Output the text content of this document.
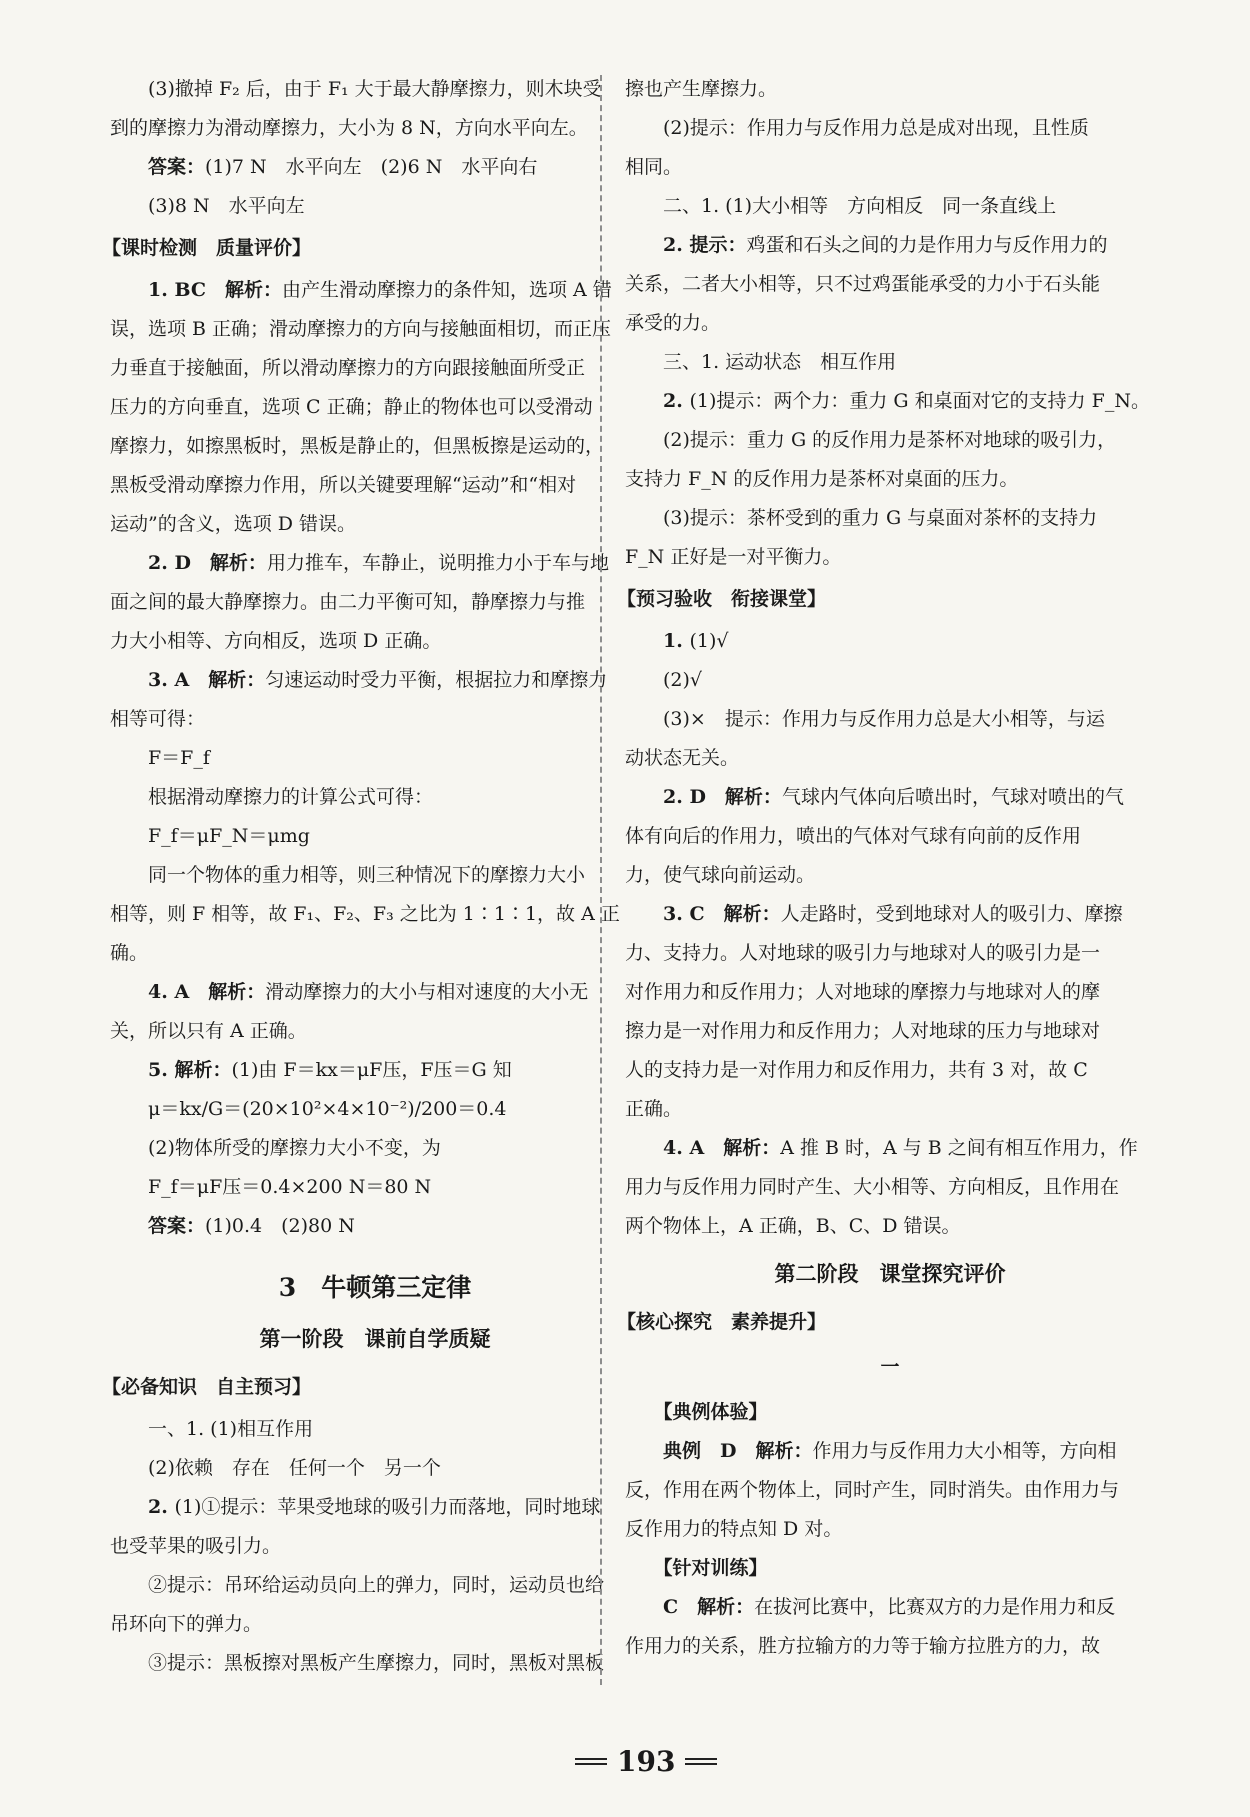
(3)撤掉 F₂ 后，由于 F₁ 大于最大静摩擦力，则木块受

到的摩擦力为滑动摩擦力，大小为 8 N，方向水平向左。

答案：(1)7 N　水平向左　(2)6 N　水平向右

(3)8 N　水平向左

【课时检测　质量评价】

1. BC　解析：由产生滑动摩擦力的条件知，选项 A 错

误，选项 B 正确；滑动摩擦力的方向与接触面相切，而正压

力垂直于接触面，所以滑动摩擦力的方向跟接触面所受正

压力的方向垂直，选项 C 正确；静止的物体也可以受滑动

摩擦力，如擦黑板时，黑板是静止的，但黑板擦是运动的，

黑板受滑动摩擦力作用，所以关键要理解“运动”和“相对

运动”的含义，选项 D 错误。

2. D　解析：用力推车，车静止，说明推力小于车与地

面之间的最大静摩擦力。由二力平衡可知，静摩擦力与推

力大小相等、方向相反，选项 D 正确。

3. A　解析：匀速运动时受力平衡，根据拉力和摩擦力

相等可得：

F＝F_f

根据滑动摩擦力的计算公式可得：

F_f＝μF_N＝μmg

同一个物体的重力相等，则三种情况下的摩擦力大小

相等，则 F 相等，故 F₁、F₂、F₃ 之比为 1∶1∶1，故 A 正确。

4. A　解析：滑动摩擦力的大小与相对速度的大小无

关，所以只有 A 正确。

5. 解析：(1)由 F＝kx＝μF压，F压＝G 知

μ＝kx/G＝(20×10²×4×10⁻²)/200＝0.4

(2)物体所受的摩擦力大小不变，为

F_f＝μF压＝0.4×200 N＝80 N

答案：(1)0.4　(2)80 N

3　牛顿第三定律

第一阶段　课前自学质疑

【必备知识　自主预习】

一、1. (1)相互作用

(2)依赖　存在　任何一个　另一个

2. (1)①提示：苹果受地球的吸引力而落地，同时地球

也受苹果的吸引力。

②提示：吊环给运动员向上的弹力，同时，运动员也给

吊环向下的弹力。

③提示：黑板擦对黑板产生摩擦力，同时，黑板对黑板

擦也产生摩擦力。

(2)提示：作用力与反作用力总是成对出现，且性质

相同。

二、1. (1)大小相等　方向相反　同一条直线上

2. 提示：鸡蛋和石头之间的力是作用力与反作用力的

关系，二者大小相等，只不过鸡蛋能承受的力小于石头能

承受的力。

三、1. 运动状态　相互作用

2. (1)提示：两个力：重力 G 和桌面对它的支持力 F_N。

(2)提示：重力 G 的反作用力是茶杯对地球的吸引力，

支持力 F_N 的反作用力是茶杯对桌面的压力。

(3)提示：茶杯受到的重力 G 与桌面对茶杯的支持力

F_N 正好是一对平衡力。

【预习验收　衔接课堂】

1. (1)√

(2)√

(3)×　提示：作用力与反作用力总是大小相等，与运

动状态无关。

2. D　解析：气球内气体向后喷出时，气球对喷出的气

体有向后的作用力，喷出的气体对气球有向前的反作用

力，使气球向前运动。

3. C　解析：人走路时，受到地球对人的吸引力、摩擦

力、支持力。人对地球的吸引力与地球对人的吸引力是一

对作用力和反作用力；人对地球的摩擦力与地球对人的摩

擦力是一对作用力和反作用力；人对地球的压力与地球对

人的支持力是一对作用力和反作用力，共有 3 对，故 C

正确。

4. A　解析：A 推 B 时，A 与 B 之间有相互作用力，作

用力与反作用力同时产生、大小相等、方向相反，且作用在

两个物体上，A 正确，B、C、D 错误。

第二阶段　课堂探究评价

【核心探究　素养提升】

一

【典例体验】

典例　D　解析：作用力与反作用力大小相等，方向相

反，作用在两个物体上，同时产生，同时消失。由作用力与

反作用力的特点知 D 对。

【针对训练】

C　解析：在拔河比赛中，比赛双方的力是作用力和反

作用力的关系，胜方拉输方的力等于输方拉胜方的力，故

193
